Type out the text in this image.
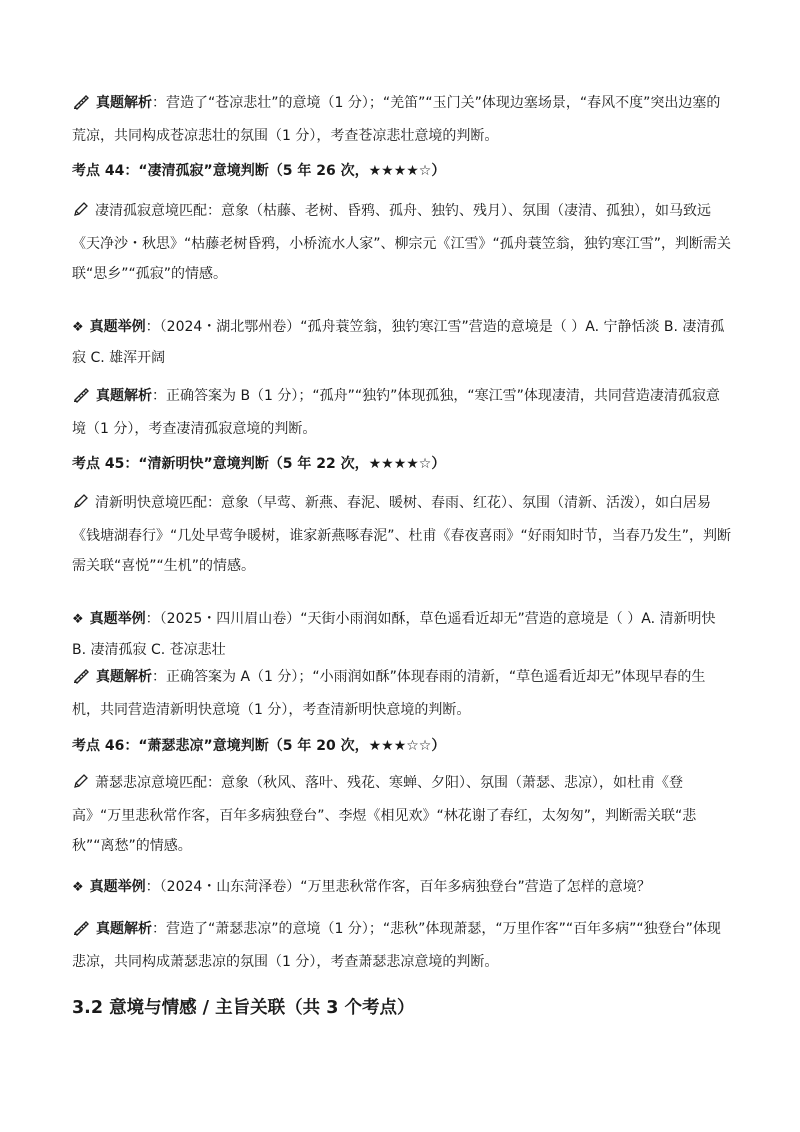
真题解析：营造了“苍凉悲壮”的意境（1 分）；“羌笛”“玉门关”体现边塞场景，“春风不度”突出边塞的荒凉，共同构成苍凉悲壮的氛围（1 分），考查苍凉悲壮意境的判断。
考点 44：“凄清孤寂”意境判断（5 年 26 次，★★★★☆）
凄清孤寂意境匹配：意象（枯藤、老树、昏鸦、孤舟、独钓、残月）、氛围（凄清、孤独），如马致远《天净沙・秋思》“枯藤老树昏鸦，小桥流水人家”、柳宗元《江雪》“孤舟蓑笠翁，独钓寒江雪”，判断需关联“思乡”“孤寂”的情感。
❖ 真题举例：（2024・湖北鄂州卷）“孤舟蓑笠翁，独钓寒江雪”营造的意境是（ ）A. 宁静恬淡 B. 凄清孤寂 C. 雄浑开阔
真题解析：正确答案为 B（1 分）；“孤舟”“独钓”体现孤独，“寒江雪”体现凄清，共同营造凄清孤寂意境（1 分），考查凄清孤寂意境的判断。
考点 45：“清新明快”意境判断（5 年 22 次，★★★★☆）
清新明快意境匹配：意象（早莺、新燕、春泥、暖树、春雨、红花）、氛围（清新、活泼），如白居易《钱塘湖春行》“几处早莺争暖树，谁家新燕啄春泥”、杜甫《春夜喜雨》“好雨知时节，当春乃发生”，判断需关联“喜悦”“生机”的情感。
❖ 真题举例：（2025・四川眉山卷）“天街小雨润如酥，草色遥看近却无”营造的意境是（ ）A. 清新明快 B. 凄清孤寂 C. 苍凉悲壮
真题解析：正确答案为 A（1 分）；“小雨润如酥”体现春雨的清新，“草色遥看近却无”体现早春的生机，共同营造清新明快意境（1 分），考查清新明快意境的判断。
考点 46：“萧瑟悲凉”意境判断（5 年 20 次，★★★☆☆）
萧瑟悲凉意境匹配：意象（秋风、落叶、残花、寒蝉、夕阳）、氛围（萧瑟、悲凉），如杜甫《登高》“万里悲秋常作客，百年多病独登台”、李煜《相见欢》“林花谢了春红，太匆匆”，判断需关联“悲秋”“离愁”的情感。
❖ 真题举例：（2024・山东菏泽卷）“万里悲秋常作客，百年多病独登台”营造了怎样的意境？
真题解析：营造了“萧瑟悲凉”的意境（1 分）；“悲秋”体现萧瑟，“万里作客”“百年多病”“独登台”体现悲凉，共同构成萧瑟悲凉的氛围（1 分），考查萧瑟悲凉意境的判断。
3.2 意境与情感 / 主旨关联（共 3 个考点）
